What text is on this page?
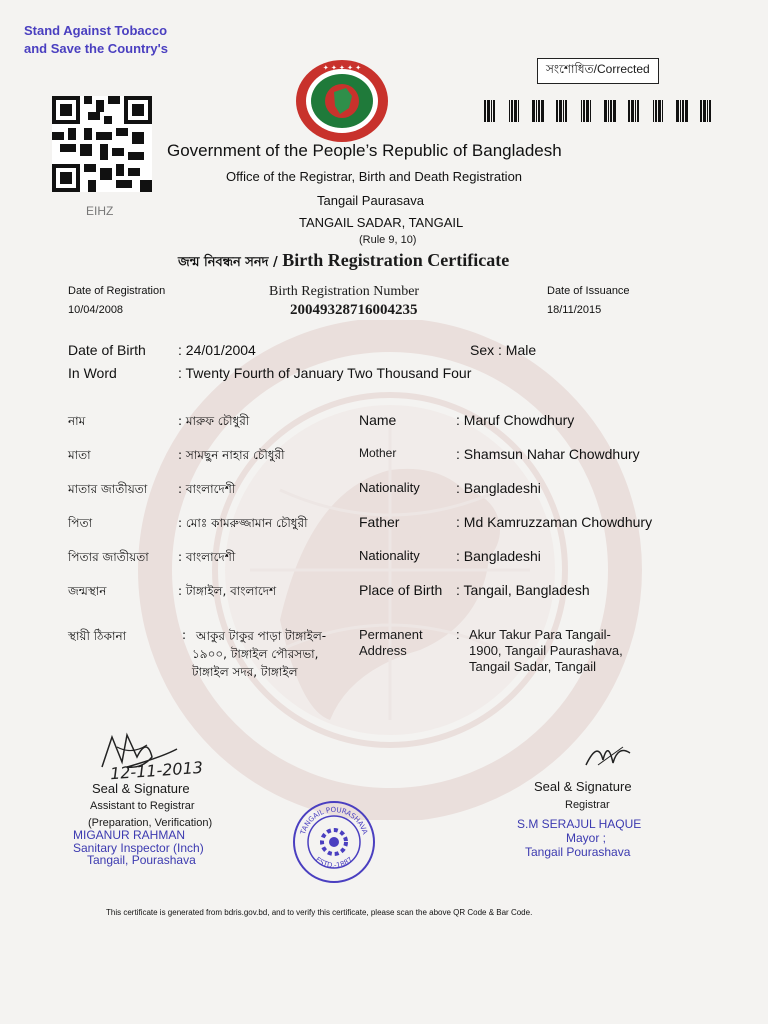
Stand Against Tobacco
and Save the Country's
EIHZ
✦ ✦ ✦ ✦ ✦	সংশোধিত/Corrected
Government of the People’s Republic of Bangladesh
Office of the Registrar, Birth and Death Registration
Tangail Paurasava
TANGAIL SADAR, TANGAIL
(Rule 9, 10)
জন্ম নিবন্ধন সনদ / Birth Registration Certificate
Date of Registration
10/04/2008
Birth Registration Number
20049328716004235
Date of Issuance
18/11/2015
Date of Birth : 24/01/2004	Sex : Male
In Word	: Twenty Fourth of January Two Thousand Four
নাম	: মারুফ চৌধুরী	Name	: Maruf Chowdhury
মাতা	: সামছুন নাহার চৌধুরী	Mother	: Shamsun Nahar Chowdhury
মাতার জাতীয়তা	: বাংলাদেশী	Nationality	: Bangladeshi
পিতা	: মোঃ কামরুজ্জামান চৌধুরী	Father	: Md Kamruzzaman Chowdhury
পিতার জাতীয়তা : বাংলাদেশী	Nationality	: Bangladeshi
জন্মস্থান	: টাঙ্গাইল, বাংলাদেশ	Place of Birth : Tangail, Bangladesh
স্থায়ী ঠিকানা	: আকুর টাকুর পাড়া টাঙ্গাইল-
১৯০০, টাঙ্গাইল পৌরসভা,
টাঙ্গাইল সদর, টাঙ্গাইল
Permanent
Address
: Akur Takur Para Tangail-
1900, Tangail Paurashava,
Tangail Sadar, Tangail
12-11-2013
Seal & Signature
Assistant to Registrar
(Preparation, Verification)
MIGANUR RAHMAN
Sanitary Inspector (Inch)
Tangail, Pourashava
TANGAIL POURASHAVA
ESTD.-1887
Seal & Signature
Registrar
S.M SERAJUL HAQUE
Mayor ;
Tangail Pourashava
This certificate is generated from bdris.gov.bd, and to verify this certificate, please scan the above QR Code & Bar Code.
